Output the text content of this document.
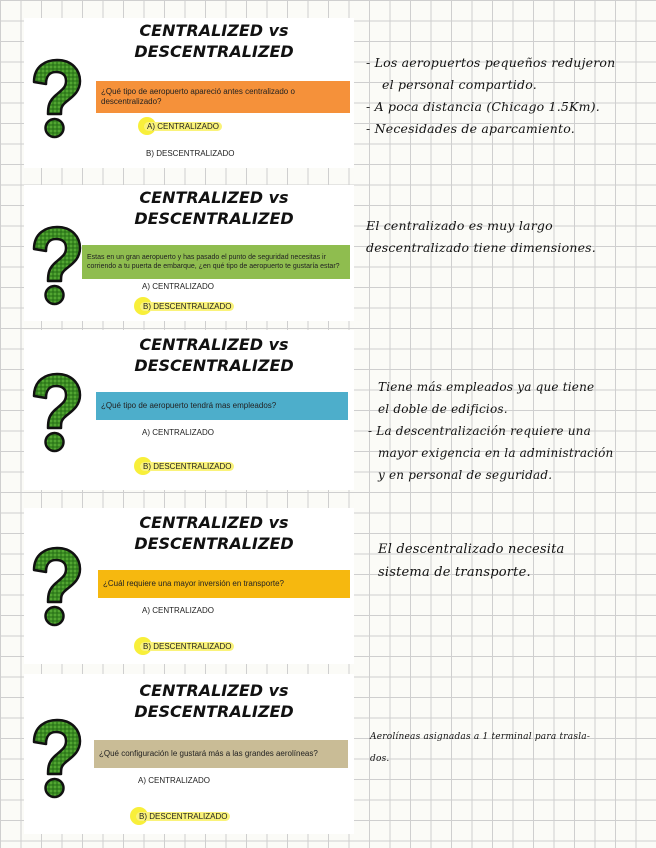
CENTRALIZED vs
DESCENTRALIZED
¿Qué tipo de aeropuerto apareció antes centralizado o descentralizado?
A) CENTRALIZADO
B) DESCENTRALIZADO
CENTRALIZED vs
DESCENTRALIZED
Estas en un gran aeropuerto y has pasado el punto de seguridad necesitas ir corriendo a tu puerta de embarque, ¿en qué tipo de aeropuerto te gustaría estar?
A) CENTRALIZADO
B) DESCENTRALIZADO
CENTRALIZED vs
DESCENTRALIZED
¿Qué tipo de aeropuerto tendrá mas empleados?
A) CENTRALIZADO
B) DESCENTRALIZADO
CENTRALIZED vs
DESCENTRALIZED
¿Cuál requiere una mayor inversión en transporte?
A) CENTRALIZADO
B) DESCENTRALIZADO
CENTRALIZED vs
DESCENTRALIZED
¿Qué configuración le gustará más a las grandes aerolíneas?
A) CENTRALIZADO
B) DESCENTRALIZADO
- Los aeropuertos pequeños redujeron
el personal compartido.
- A poca distancia (Chicago 1.5Km).
- Necesidades de aparcamiento.
El centralizado es muy largo
descentralizado tiene dimensiones.
Tiene más empleados ya que tiene
el doble de edificios.
- La descentralización requiere una
mayor exigencia en la administración
y en personal de seguridad.
El descentralizado necesita
sistema de transporte.
Aerolíneas asignadas a 1 terminal para trasla-
dos.
